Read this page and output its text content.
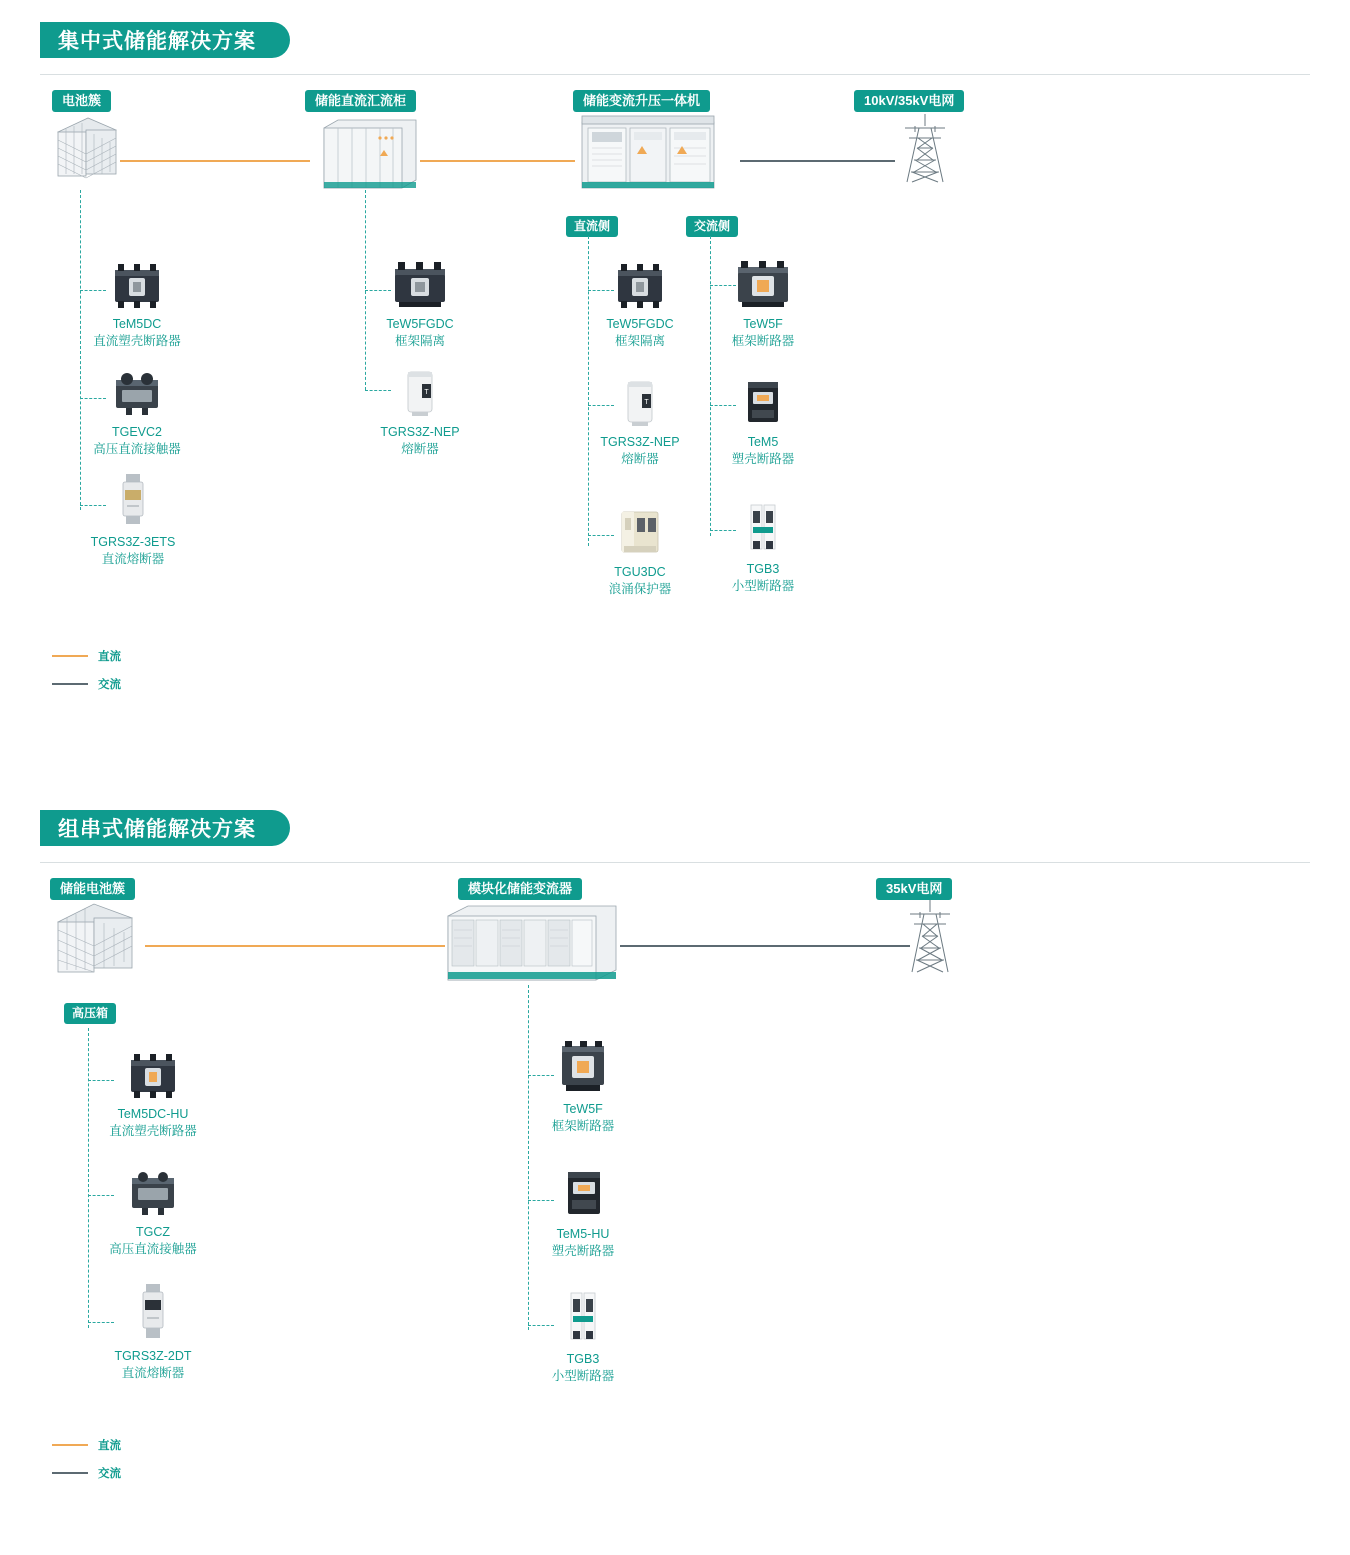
集中式储能解决方案
电池簇	储能直流汇流柜	储能变流升压一体机	10kV/35kV电网
直流侧	交流侧
TeM5DC
直流塑壳断路器
TGEVC2
高压直流接触器
TGRS3Z-3ETS
直流熔断器
TeW5FGDC
框架隔离
T
TGRS3Z-NEP
熔断器
TeW5FGDC
框架隔离
T
TGRS3Z-NEP
熔断器
TGU3DC
浪涌保护器
TeW5F
框架断路器
TeM5
塑壳断路器
TGB3
小型断路器
直流
交流
组串式储能解决方案
储能电池簇	模块化储能变流器	35kV电网
高压箱
TeM5DC-HU
直流塑壳断路器
TGCZ
高压直流接触器
TGRS3Z-2DT
直流熔断器
TeW5F
框架断路器
TeM5-HU
塑壳断路器
TGB3
小型断路器
直流
交流
